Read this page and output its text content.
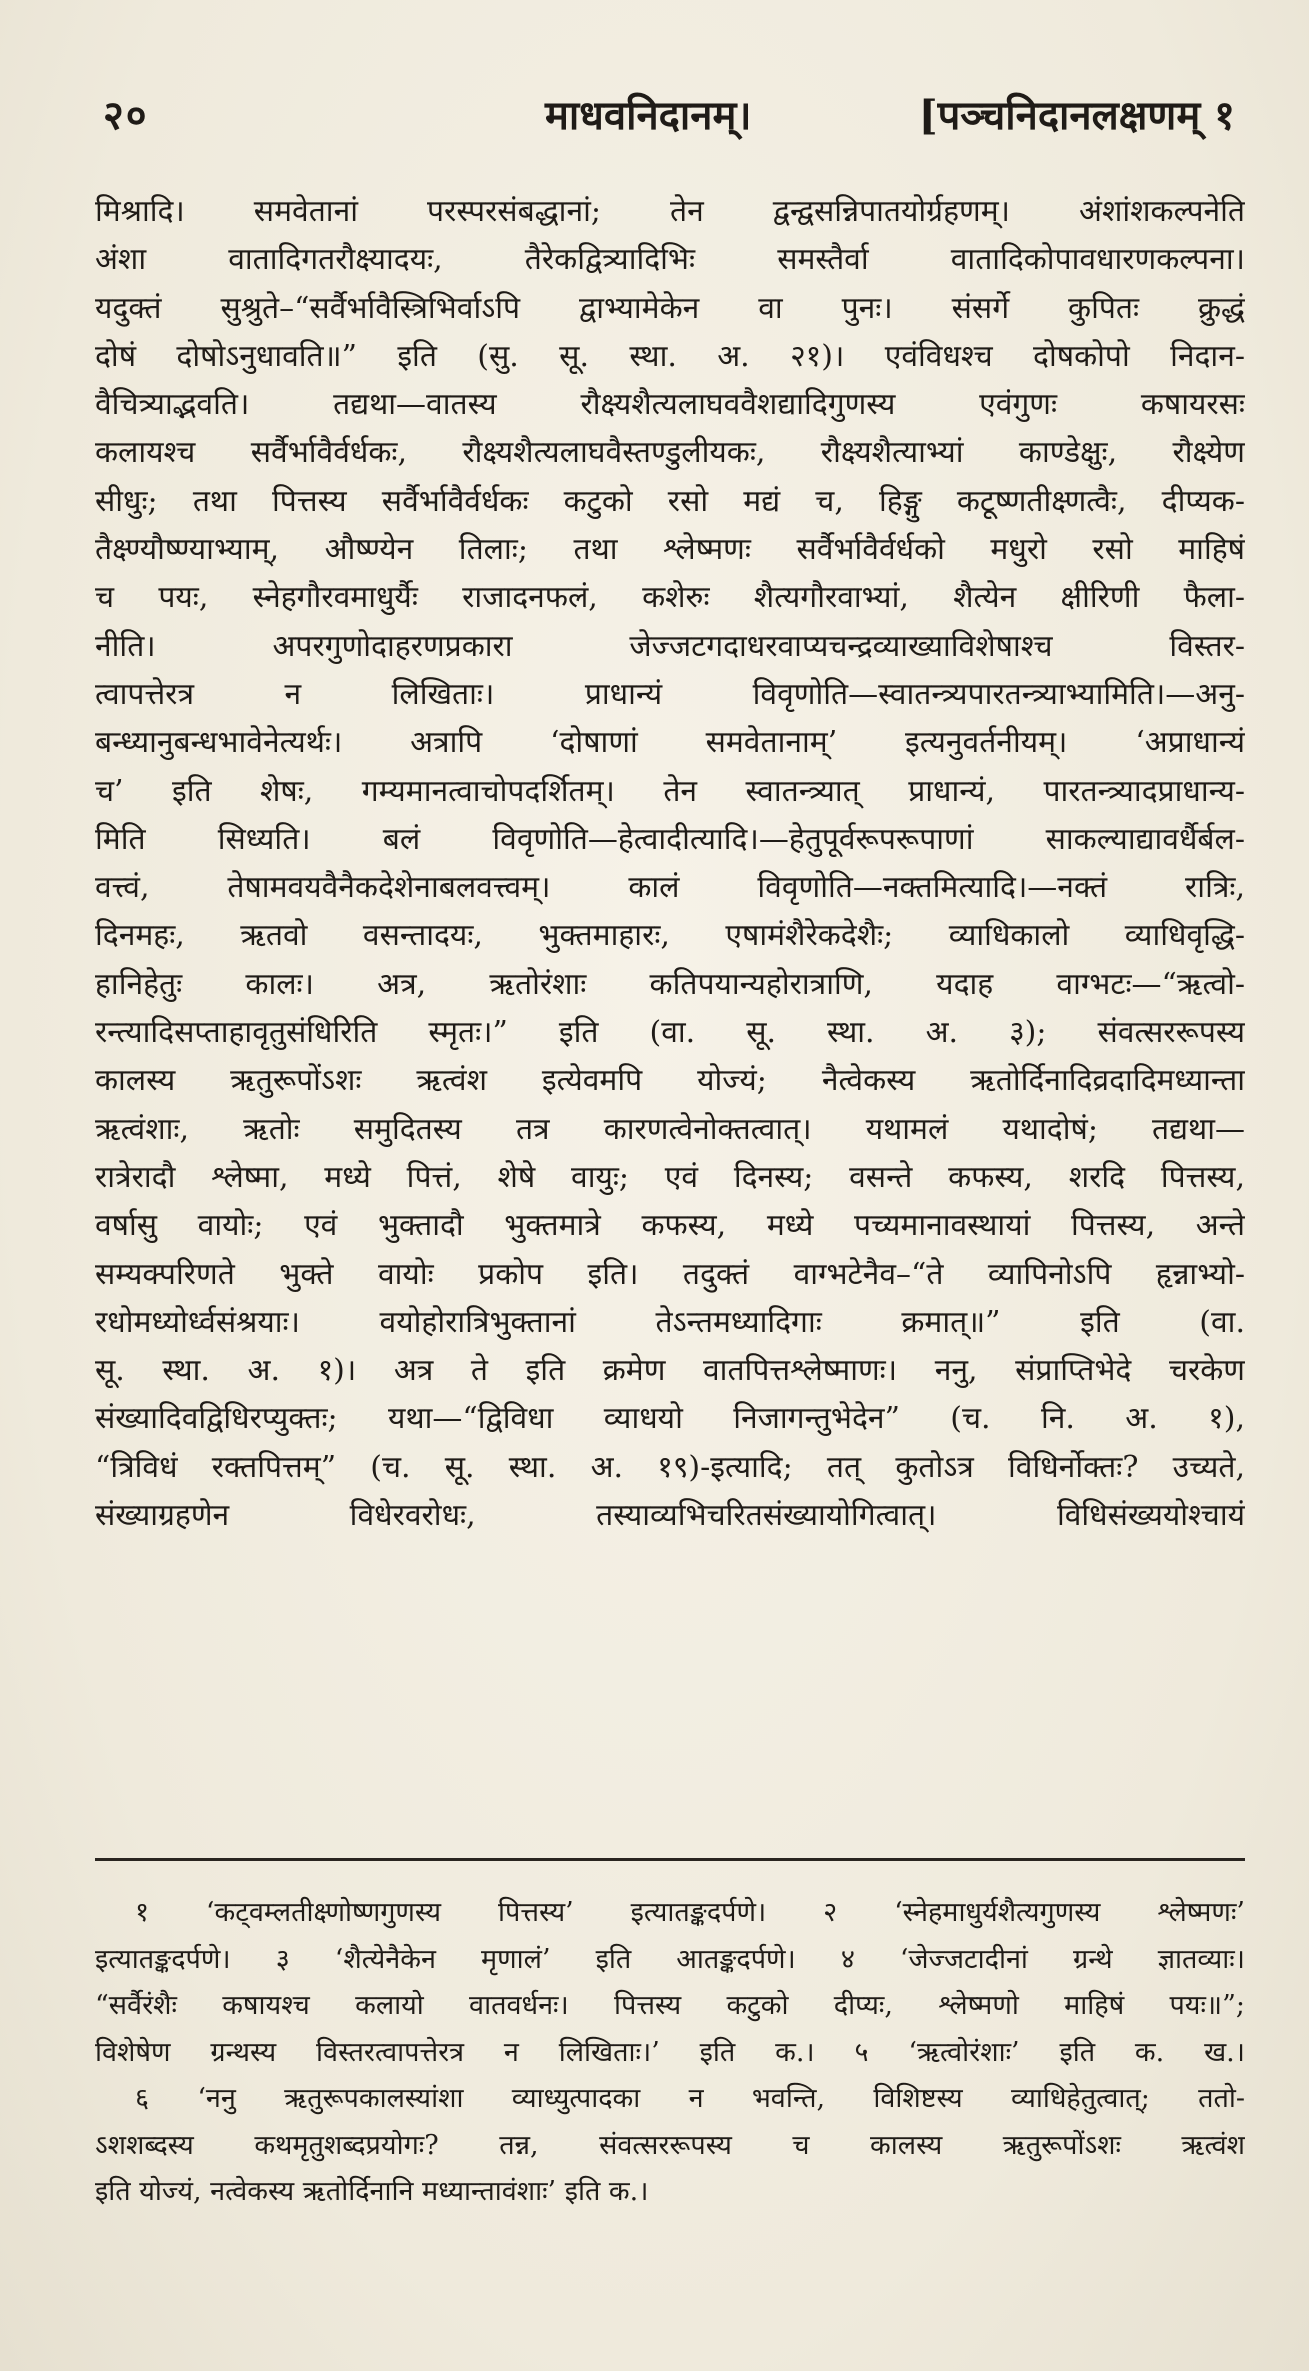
२०	माधवनिदानम्।	[पञ्चनिदानलक्षणम् १
मिश्रादि। समवेतानां परस्परसंबद्धानां; तेन द्वन्द्वसन्निपातयोर्ग्रहणम्। अंशांशकल्पनेति
अंशा वातादिगतरौक्ष्यादयः, तैरेकद्वित्र्यादिभिः समस्तैर्वा वातादिकोपावधारणकल्पना।
यदुक्तं सुश्रुते–“सर्वैर्भावैस्त्रिभिर्वाऽपि द्वाभ्यामेकेन वा पुनः। संसर्गे कुपितः क्रुद्धं
दोषं दोषोऽनुधावति॥” इति (सु. सू. स्था. अ. २१)। एवंविधश्च दोषकोपो निदान-
वैचित्र्याद्भवति। तद्यथा—वातस्य रौक्ष्यशैत्यलाघववैशद्यादिगुणस्य एवंगुणः कषायरसः
कलायश्च सर्वैर्भावैर्वर्धकः, रौक्ष्यशैत्यलाघवैस्तण्डुलीयकः, रौक्ष्यशैत्याभ्यां काण्डेक्षुः, रौक्ष्येण
सीधुः; तथा पित्तस्य सर्वैर्भावैर्वर्धकः कटुको रसो मद्यं च, हिङ्गु कटूष्णतीक्ष्णत्वैः, दीप्यक-
तैक्ष्ण्यौष्ण्याभ्याम्, औष्ण्येन तिलाः; तथा श्लेष्मणः सर्वैर्भावैर्वर्धको मधुरो रसो माहिषं
च पयः, स्नेहगौरवमाधुर्यैः राजादनफलं, कशेरुः शैत्यगौरवाभ्यां, शैत्येन क्षीरिणी फैला-
नीति। अपरगुणोदाहरणप्रकारा जेज्जटगदाधरवाप्यचन्द्रव्याख्याविशेषाश्च विस्तर-
त्वापत्तेरत्र न लिखिताः। प्राधान्यं विवृणोति—स्वातन्त्र्यपारतन्त्र्याभ्यामिति।—अनु-
बन्ध्यानुबन्धभावेनेत्यर्थः। अत्रापि ‘दोषाणां समवेतानाम्’ इत्यनुवर्तनीयम्। ‘अप्राधान्यं
च’ इति शेषः, गम्यमानत्वाचोपदर्शितम्। तेन स्वातन्त्र्यात् प्राधान्यं, पारतन्त्र्यादप्राधान्य-
मिति सिध्यति। बलं विवृणोति—हेत्वादीत्यादि।—हेतुपूर्वरूपरूपाणां साकल्याद्यावर्धैर्बल-
वत्त्वं, तेषामवयवैनैकदेशेनाबलवत्त्वम्। कालं विवृणोति—नक्तमित्यादि।—नक्तं रात्रिः,
दिनमहः, ऋतवो वसन्तादयः, भुक्तमाहारः, एषामंशैरेकदेशैः; व्याधिकालो व्याधिवृद्धि-
हानिहेतुः कालः। अत्र, ऋतोरंशाः कतिपयान्यहोरात्राणि, यदाह वाग्भटः—“ऋत्वो-
रन्त्यादिसप्ताहावृतुसंधिरिति स्मृतः।” इति (वा. सू. स्था. अ. ३); संवत्सररूपस्य
कालस्य ऋतुरूपोंऽशः ऋत्वंश इत्येवमपि योज्यं; नैत्वेकस्य ऋतोर्दिनादिव्रदादिमध्यान्ता
ऋत्वंशाः, ऋतोः समुदितस्य तत्र कारणत्वेनोक्तत्वात्। यथामलं यथादोषं; तद्यथा—
रात्रेरादौ श्लेष्मा, मध्ये पित्तं, शेषे वायुः; एवं दिनस्य; वसन्ते कफस्य, शरदि पित्तस्य,
वर्षासु वायोः; एवं भुक्तादौ भुक्तमात्रे कफस्य, मध्ये पच्यमानावस्थायां पित्तस्य, अन्ते
सम्यक्परिणते भुक्ते वायोः प्रकोप इति। तदुक्तं वाग्भटेनैव–“ते व्यापिनोऽपि हृन्नाभ्यो-
रधोमध्योर्ध्वसंश्रयाः। वयोहोरात्रिभुक्तानां तेऽन्तमध्यादिगाः क्रमात्॥” इति (वा.
सू. स्था. अ. १)। अत्र ते इति क्रमेण वातपित्तश्लेष्माणः। ननु, संप्राप्तिभेदे चरकेण
संख्यादिवद्विधिरप्युक्तः; यथा—“द्विविधा व्याधयो निजागन्तुभेदेन” (च. नि. अ. १),
“त्रिविधं रक्तपित्तम्” (च. सू. स्था. अ. १९)-इत्यादि; तत् कुतोऽत्र विधिर्नोक्तः? उच्यते,
संख्याग्रहणेन विधेरवरोधः, तस्याव्यभिचरितसंख्यायोगित्वात्। विधिसंख्ययोश्चायं
१ ‘कट्वम्लतीक्ष्णोष्णगुणस्य पित्तस्य’ इत्यातङ्कदर्पणे। २ ‘स्नेहमाधुर्यशैत्यगुणस्य श्लेष्मणः’
इत्यातङ्कदर्पणे। ३ ‘शैत्येनैकेन मृणालं’ इति आतङ्कदर्पणे। ४ ‘जेज्जटादीनां ग्रन्थे ज्ञातव्याः।
“सर्वैरंशैः कषायश्च कलायो वातवर्धनः। पित्तस्य कटुको दीप्यः, श्लेष्मणो माहिषं पयः॥”;
विशेषेण ग्रन्थस्य विस्तरत्वापत्तेरत्र न लिखिताः।’ इति क.। ५ ‘ऋत्वोरंशाः’ इति क. ख.।
६ ‘ननु ऋतुरूपकालस्यांशा व्याध्युत्पादका न भवन्ति, विशिष्टस्य व्याधिहेतुत्वात्; ततो-
ऽशशब्दस्य कथमृतुशब्दप्रयोगः? तन्न, संवत्सररूपस्य च कालस्य ऋतुरूपोंऽशः ऋत्वंश
इति योज्यं, नत्वेकस्य ऋतोर्दिनानि मध्यान्तावंशाः’ इति क.।
